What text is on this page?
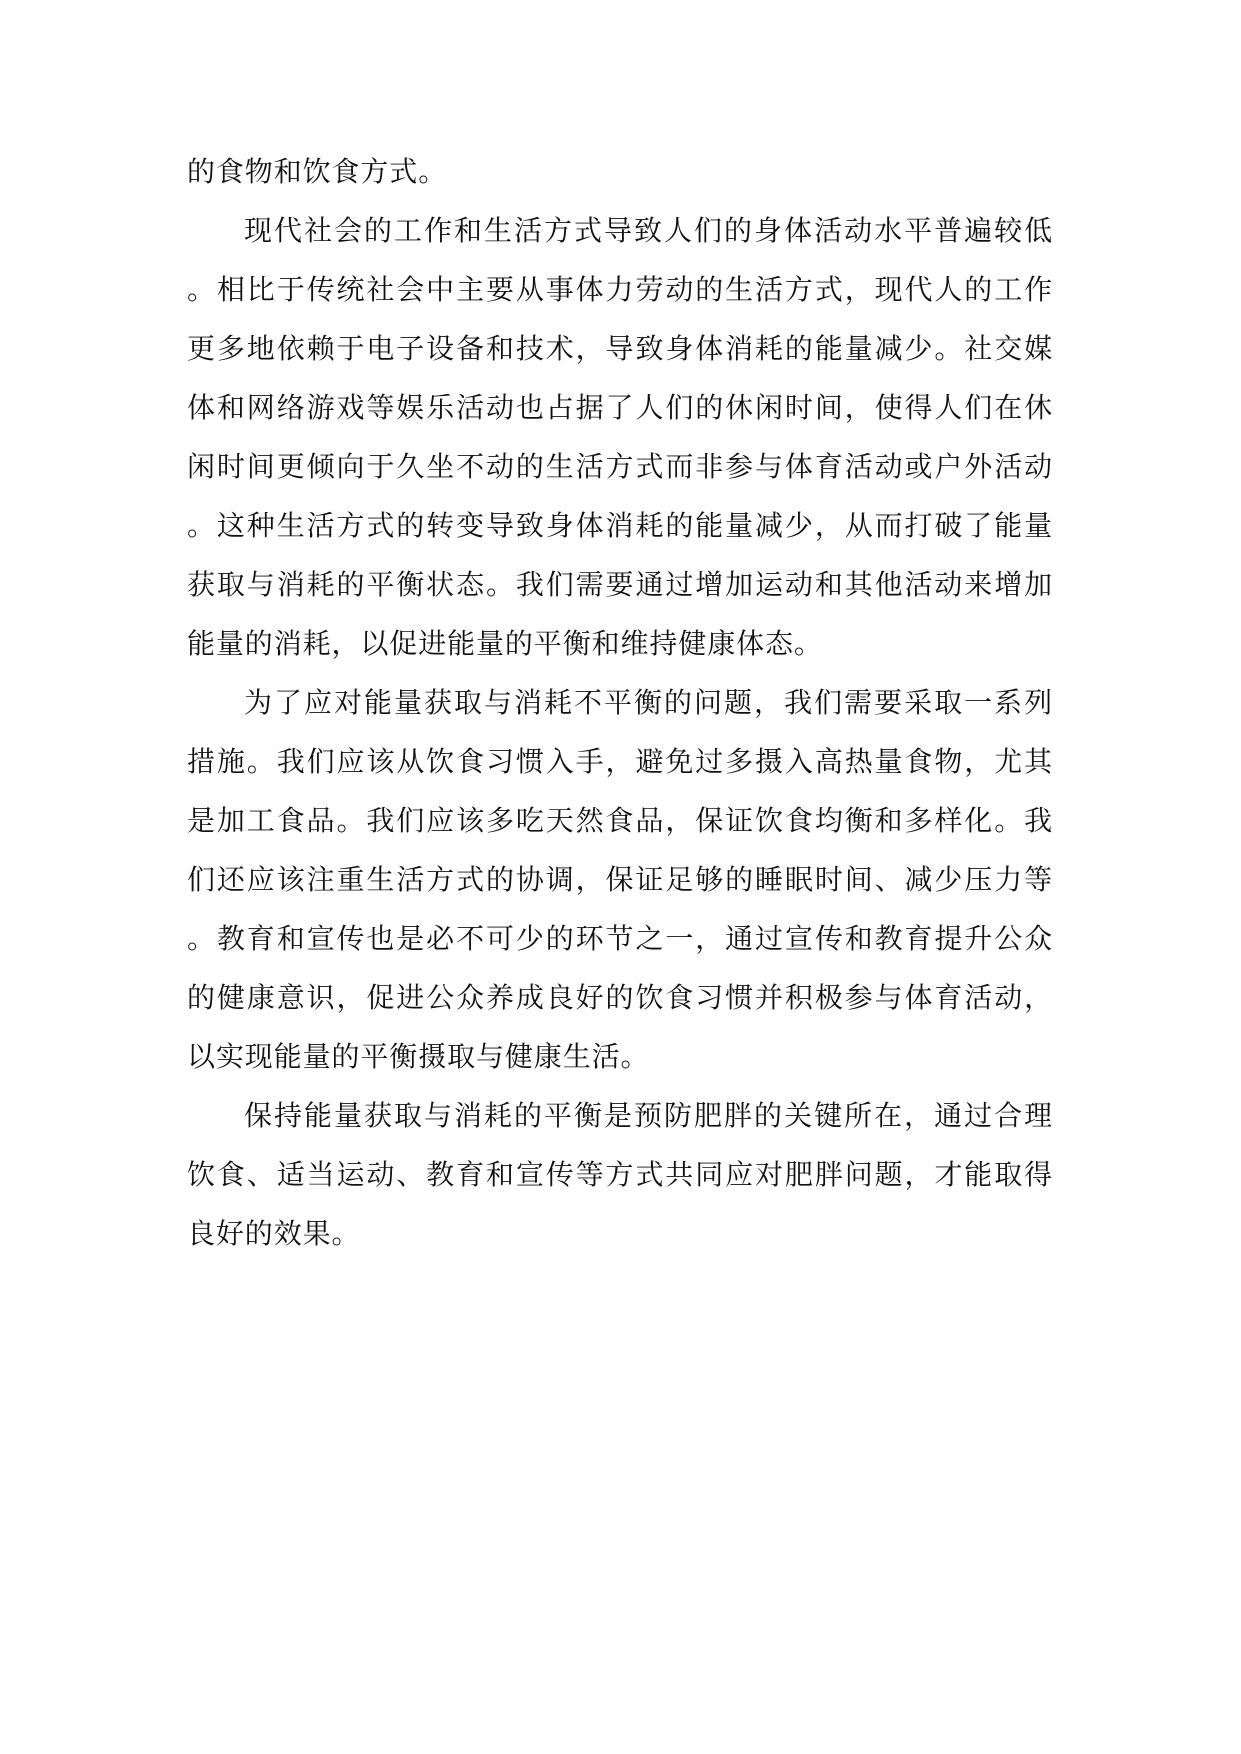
的食物和饮食方式。

现代社会的工作和生活方式导致人们的身体活动水平普遍较低。相比于传统社会中主要从事体力劳动的生活方式，现代人的工作更多地依赖于电子设备和技术，导致身体消耗的能量减少。社交媒体和网络游戏等娱乐活动也占据了人们的休闲时间，使得人们在休闲时间更倾向于久坐不动的生活方式而非参与体育活动或户外活动。这种生活方式的转变导致身体消耗的能量减少，从而打破了能量获取与消耗的平衡状态。我们需要通过增加运动和其他活动来增加能量的消耗，以促进能量的平衡和维持健康体态。

为了应对能量获取与消耗不平衡的问题，我们需要采取一系列措施。我们应该从饮食习惯入手，避免过多摄入高热量食物，尤其是加工食品。我们应该多吃天然食品，保证饮食均衡和多样化。我们还应该注重生活方式的协调，保证足够的睡眠时间、减少压力等。教育和宣传也是必不可少的环节之一，通过宣传和教育提升公众的健康意识，促进公众养成良好的饮食习惯并积极参与体育活动，以实现能量的平衡摄取与健康生活。

保持能量获取与消耗的平衡是预防肥胖的关键所在，通过合理饮食、适当运动、教育和宣传等方式共同应对肥胖问题，才能取得良好的效果。
